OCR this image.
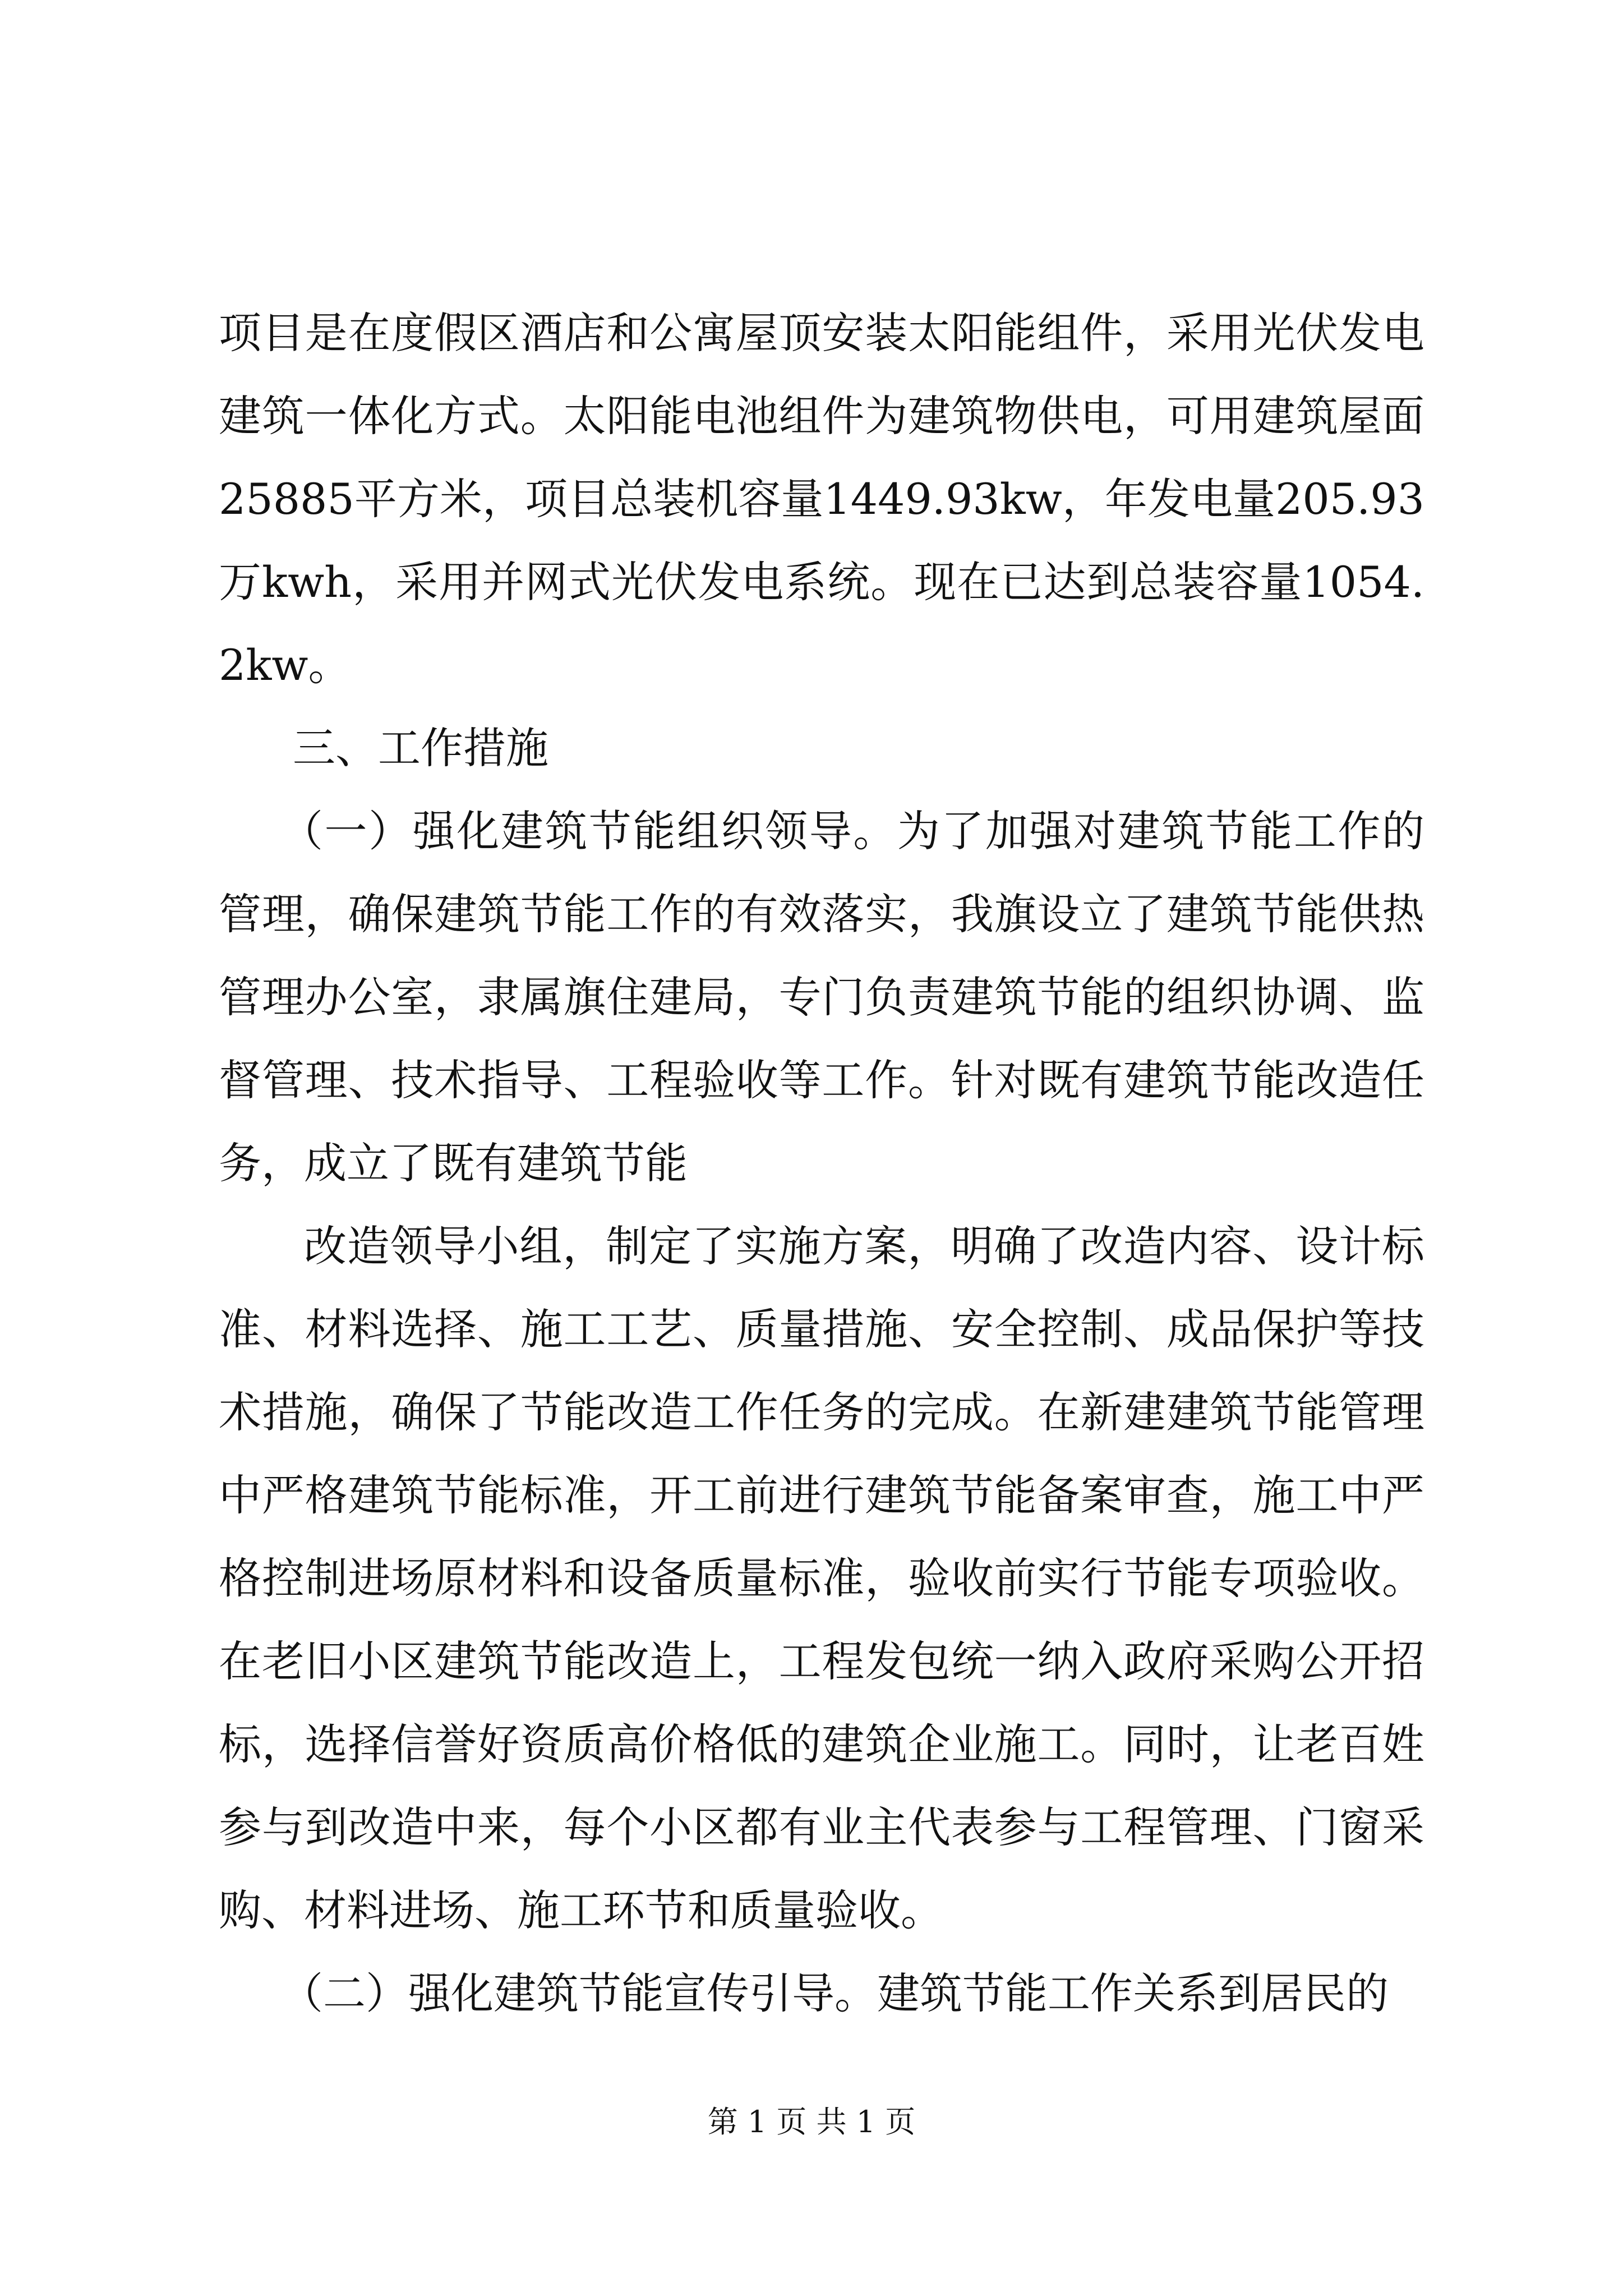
项目是在度假区酒店和公寓屋顶安装太阳能组件，采用光伏发电建筑一体化方式。太阳能电池组件为建筑物供电，可用建筑屋面25885平方米，项目总装机容量1449.93kw，年发电量205.93万kwh，采用并网式光伏发电系统。现在已达到总装容量1054.2kw。

三、工作措施

（一）强化建筑节能组织领导。为了加强对建筑节能工作的管理，确保建筑节能工作的有效落实，我旗设立了建筑节能供热管理办公室，隶属旗住建局，专门负责建筑节能的组织协调、监督管理、技术指导、工程验收等工作。针对既有建筑节能改造任务，成立了既有建筑节能

改造领导小组，制定了实施方案，明确了改造内容、设计标准、材料选择、施工工艺、质量措施、安全控制、成品保护等技术措施，确保了节能改造工作任务的完成。在新建建筑节能管理中严格建筑节能标准，开工前进行建筑节能备案审查，施工中严格控制进场原材料和设备质量标准，验收前实行节能专项验收。在老旧小区建筑节能改造上，工程发包统一纳入政府采购公开招标，选择信誉好资质高价格低的建筑企业施工。同时，让老百姓参与到改造中来，每个小区都有业主代表参与工程管理、门窗采购、材料进场、施工环节和质量验收。

（二）强化建筑节能宣传引导。建筑节能工作关系到居民的

第 1 页 共 1 页
